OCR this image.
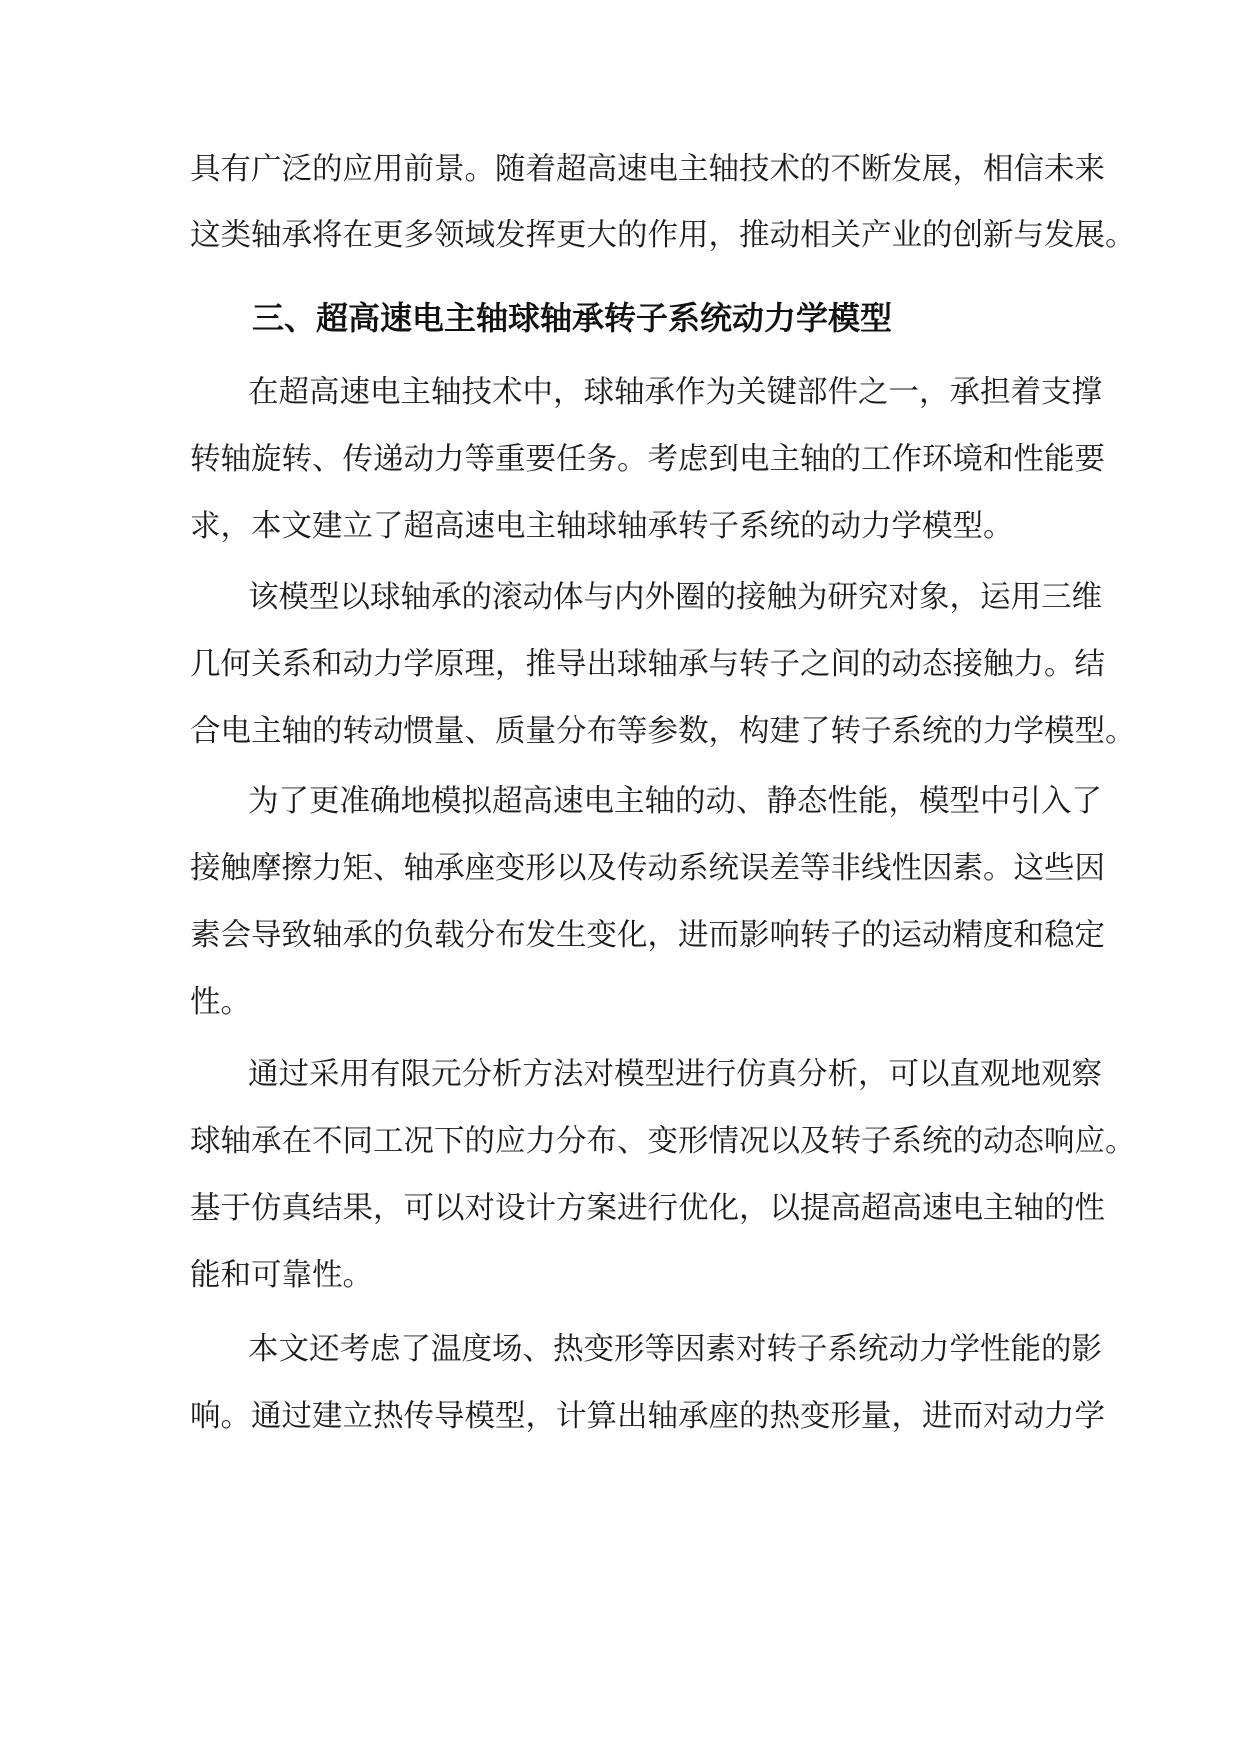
具有广泛的应用前景。随着超高速电主轴技术的不断发展，相信未来
这类轴承将在更多领域发挥更大的作用，推动相关产业的创新与发展。
三、超高速电主轴球轴承转子系统动力学模型
在超高速电主轴技术中，球轴承作为关键部件之一，承担着支撑
转轴旋转、传递动力等重要任务。考虑到电主轴的工作环境和性能要
求，本文建立了超高速电主轴球轴承转子系统的动力学模型。
该模型以球轴承的滚动体与内外圈的接触为研究对象，运用三维
几何关系和动力学原理，推导出球轴承与转子之间的动态接触力。结
合电主轴的转动惯量、质量分布等参数，构建了转子系统的力学模型。
为了更准确地模拟超高速电主轴的动、静态性能，模型中引入了
接触摩擦力矩、轴承座变形以及传动系统误差等非线性因素。这些因
素会导致轴承的负载分布发生变化，进而影响转子的运动精度和稳定
性。
通过采用有限元分析方法对模型进行仿真分析，可以直观地观察
球轴承在不同工况下的应力分布、变形情况以及转子系统的动态响应。
基于仿真结果，可以对设计方案进行优化，以提高超高速电主轴的性
能和可靠性。
本文还考虑了温度场、热变形等因素对转子系统动力学性能的影
响。通过建立热传导模型，计算出轴承座的热变形量，进而对动力学
